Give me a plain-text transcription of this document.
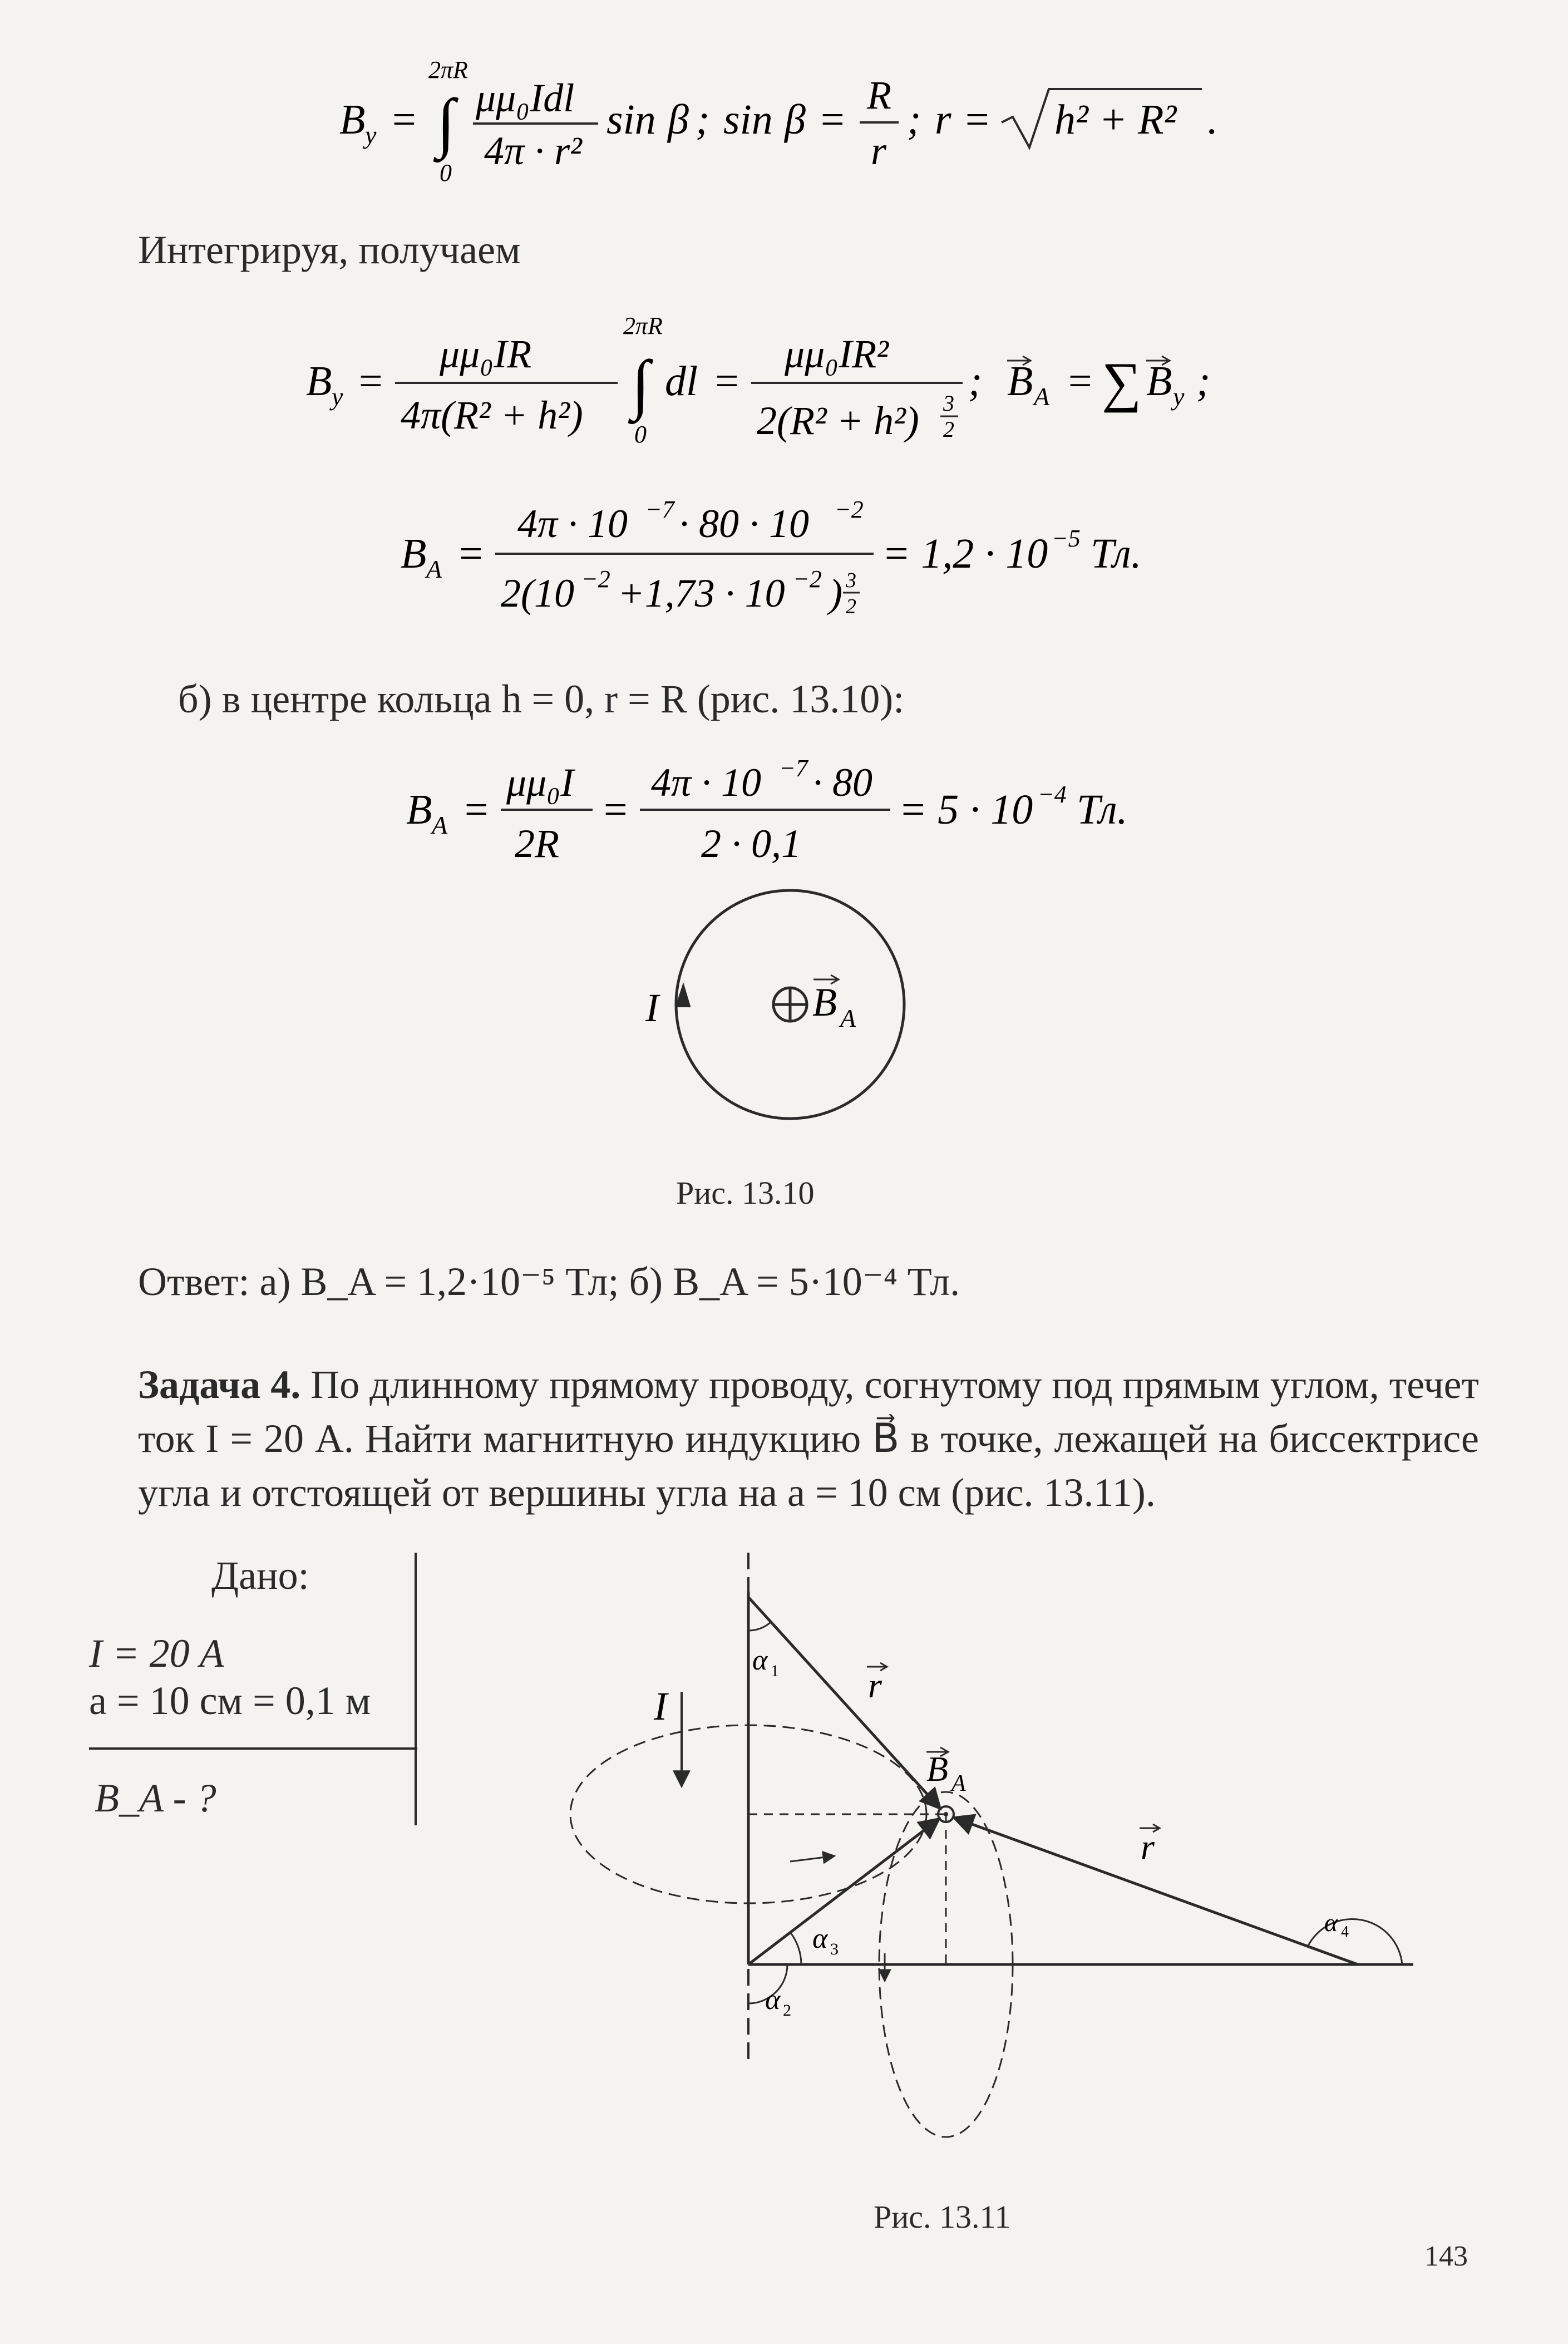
B y =
2πR
∫
0
μμ₀Idl
4π · r²
sin β ; sin β =
R
r
; r = h² + R² .
Интегрируя, получаем
B y =
μμ₀IR
4π(R² + h²)
2πR
∫
0
dl =
μμ₀IR²
2(R² + h²) 3
2
; B A = ∑ B y ;
B A =
4π · 10 −7 · 80 · 10 −2
2(10 −2 +1,73 · 10 −2 ) 3
2
= 1,2 · 10 −5 Тл.
б) в центре кольца h = 0, r = R (рис. 13.10):
B A =
μμ₀I
2R
=
4π · 10 −7 · 80
2 · 0,1
= 5 · 10 −4 Тл.
I	B A
Рис. 13.10
Ответ: а) B_A = 1,2·10⁻⁵ Тл; б) B_A = 5·10⁻⁴ Тл.
Задача 4. По длинному прямому проводу, согнутому под прямым углом, течет ток I = 20 А. Найти магнитную индукцию B⃗ в точке, лежащей на биссектрисе угла и отстоящей от вершины угла на a = 10 см (рис. 13.11).
Дано:
I = 20 А
a = 10 см = 0,1 м
B_A - ?
I
B A
r
r
α 1
α 3
α 2
α 4
Рис. 13.11
143
